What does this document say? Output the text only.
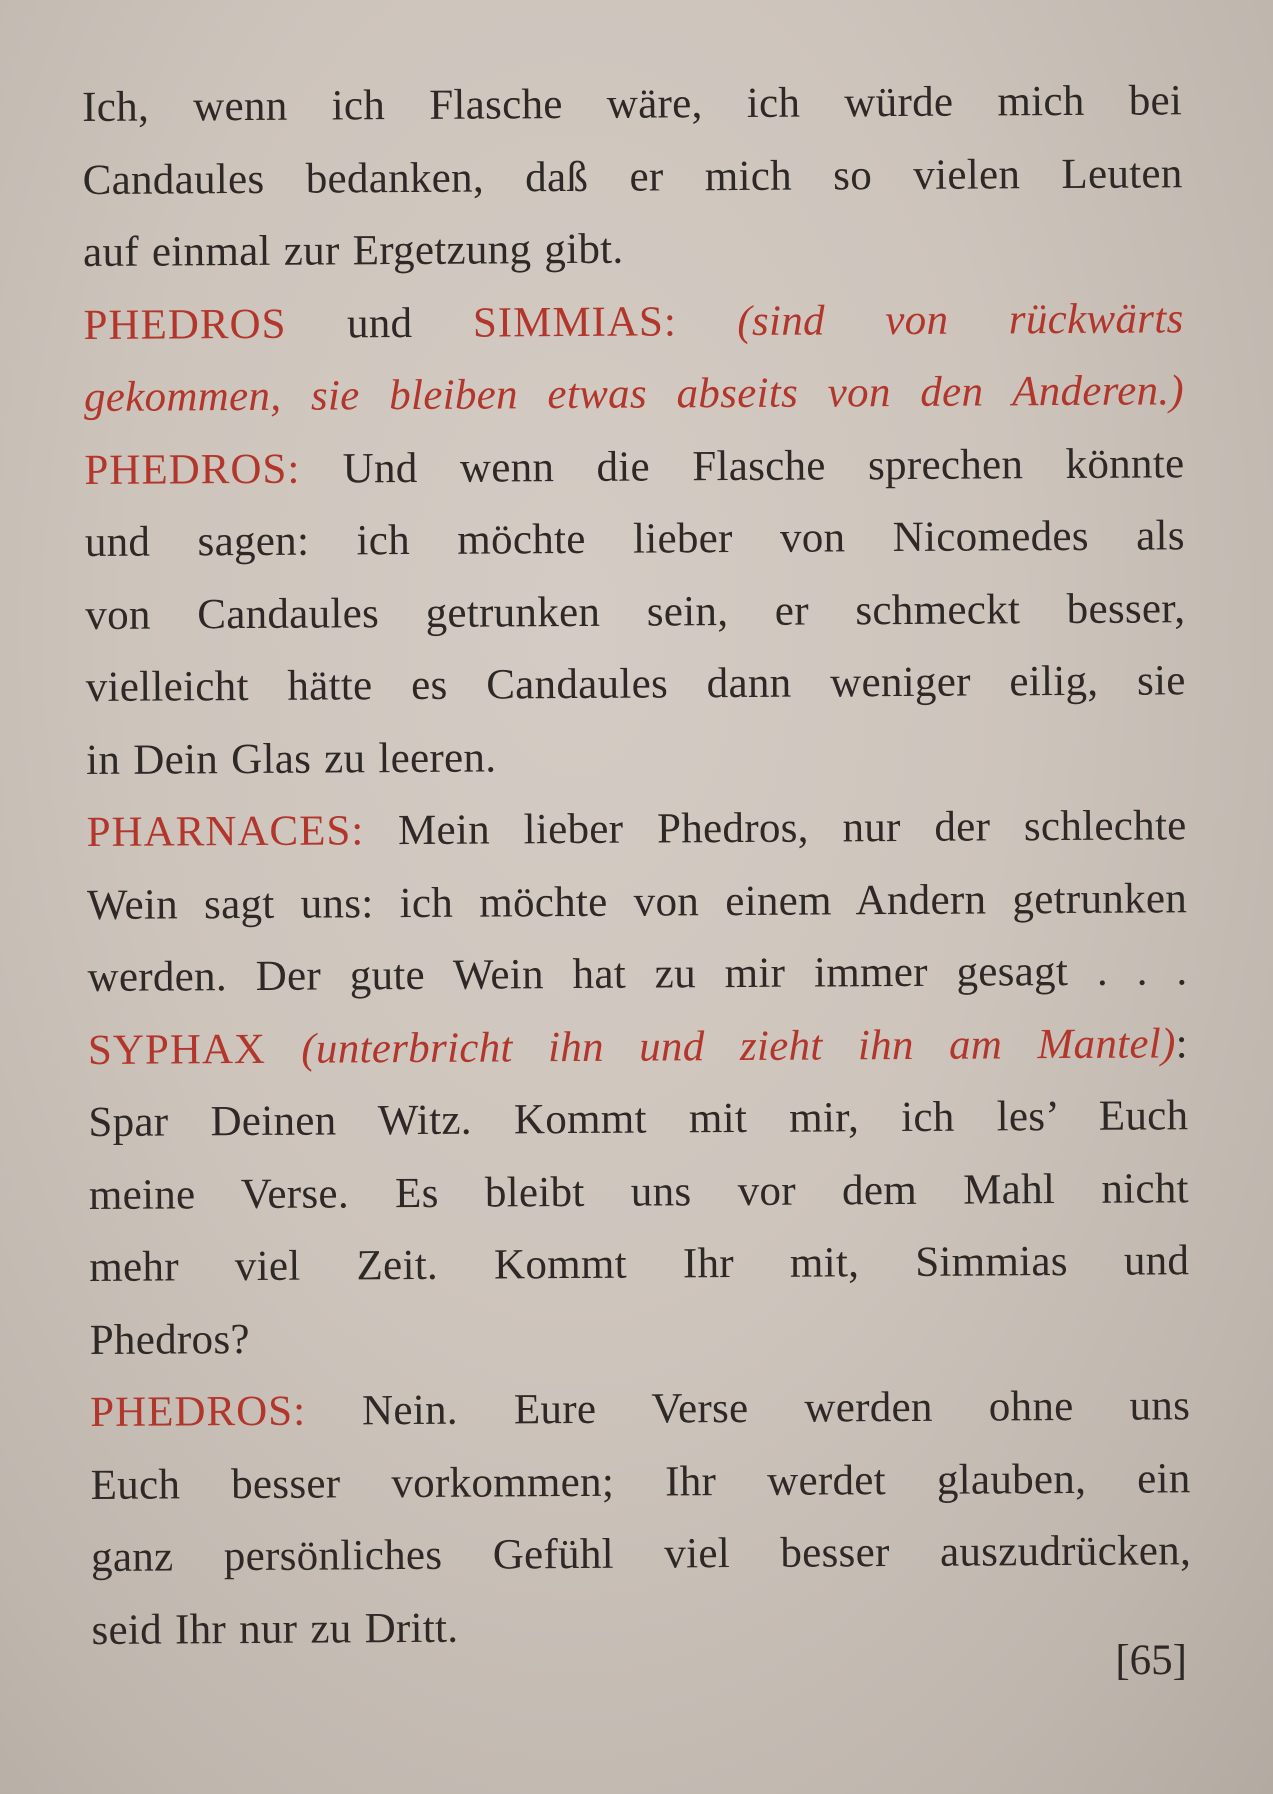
Ich, wenn ich Flasche wäre, ich würde mich bei
Candaules bedanken, daß er mich so vielen Leuten
auf einmal zur Ergetzung gibt.
PHEDROS und SIMMIAS: (sind von rückwärts
gekommen, sie bleiben etwas abseits von den Anderen.)
PHEDROS: Und wenn die Flasche sprechen könnte
und sagen: ich möchte lieber von Nicomedes als
von Candaules getrunken sein, er schmeckt besser,
vielleicht hätte es Candaules dann weniger eilig, sie
in Dein Glas zu leeren.
PHARNACES: Mein lieber Phedros, nur der schlechte
Wein sagt uns: ich möchte von einem Andern getrunken
werden. Der gute Wein hat zu mir immer gesagt . . .
SYPHAX (unterbricht ihn und zieht ihn am Mantel):
Spar Deinen Witz. Kommt mit mir, ich les’ Euch
meine Verse. Es bleibt uns vor dem Mahl nicht
mehr viel Zeit. Kommt Ihr mit, Simmias und
Phedros?
PHEDROS: Nein. Eure Verse werden ohne uns
Euch besser vorkommen; Ihr werdet glauben, ein
ganz persönliches Gefühl viel besser auszudrücken,
seid Ihr nur zu Dritt.
[65]
